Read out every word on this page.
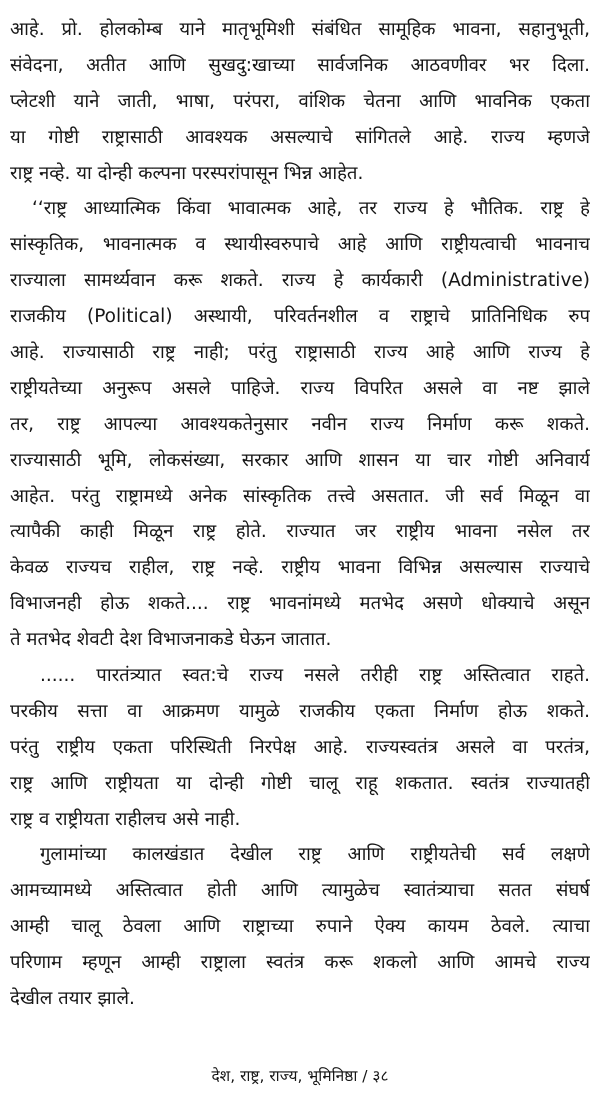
आहे. प्रो. होलकोम्ब याने मातृभूमिशी संबंधित सामूहिक भावना, सहानुभूती,
संवेदना, अतीत आणि सुखदु:खाच्या सार्वजनिक आठवणीवर भर दिला.
प्लेटशी याने जाती, भाषा, परंपरा, वांशिक चेतना आणि भावनिक एकता
या गोष्टी राष्ट्रासाठी आवश्यक असल्याचे सांगितले आहे. राज्य म्हणजे
राष्ट्र नव्हे. या दोन्ही कल्पना परस्परांपासून भिन्न आहेत.
‘‘राष्ट्र आध्यात्मिक किंवा भावात्मक आहे, तर राज्य हे भौतिक. राष्ट्र हे
सांस्कृतिक, भावनात्मक व स्थायीस्वरुपाचे आहे आणि राष्ट्रीयत्वाची भावनाच
राज्याला सामर्थ्यवान करू शकते. राज्य हे कार्यकारी (Administrative)
राजकीय (Political) अस्थायी, परिवर्तनशील व राष्ट्राचे प्रातिनिधिक रुप
आहे. राज्यासाठी राष्ट्र नाही; परंतु राष्ट्रासाठी राज्य आहे आणि राज्य हे
राष्ट्रीयतेच्या अनुरूप असले पाहिजे. राज्य विपरित असले वा नष्ट झाले
तर, राष्ट्र आपल्या आवश्यकतेनुसार नवीन राज्य निर्माण करू शकते.
राज्यासाठी भूमि, लोकसंख्या, सरकार आणि शासन या चार गोष्टी अनिवार्य
आहेत. परंतु राष्ट्रामध्ये अनेक सांस्कृतिक तत्त्वे असतात. जी सर्व मिळून वा
त्यापैकी काही मिळून राष्ट्र होते. राज्यात जर राष्ट्रीय भावना नसेल तर
केवळ राज्यच राहील, राष्ट्र नव्हे. राष्ट्रीय भावना विभिन्न असल्यास राज्याचे
विभाजनही होऊ शकते.... राष्ट्र भावनांमध्ये मतभेद असणे धोक्याचे असून
ते मतभेद शेवटी देश विभाजनाकडे घेऊन जातात.
...... पारतंत्र्यात स्वत:चे राज्य नसले तरीही राष्ट्र अस्तित्वात राहते.
परकीय सत्ता वा आक्रमण यामुळे राजकीय एकता निर्माण होऊ शकते.
परंतु राष्ट्रीय एकता परिस्थिती निरपेक्ष आहे. राज्यस्वतंत्र असले वा परतंत्र,
राष्ट्र आणि राष्ट्रीयता या दोन्ही गोष्टी चालू राहू शकतात. स्वतंत्र राज्यातही
राष्ट्र व राष्ट्रीयता राहीलच असे नाही.
गुलामांच्या कालखंडात देखील राष्ट्र आणि राष्ट्रीयतेची सर्व लक्षणे
आमच्यामध्ये अस्तित्वात होती आणि त्यामुळेच स्वातंत्र्याचा सतत संघर्ष
आम्ही चालू ठेवला आणि राष्ट्राच्या रुपाने ऐक्य कायम ठेवले. त्याचा
परिणाम म्हणून आम्ही राष्ट्राला स्वतंत्र करू शकलो आणि आमचे राज्य
देखील तयार झाले.
देश, राष्ट्र, राज्य, भूमिनिष्ठा / ३८
